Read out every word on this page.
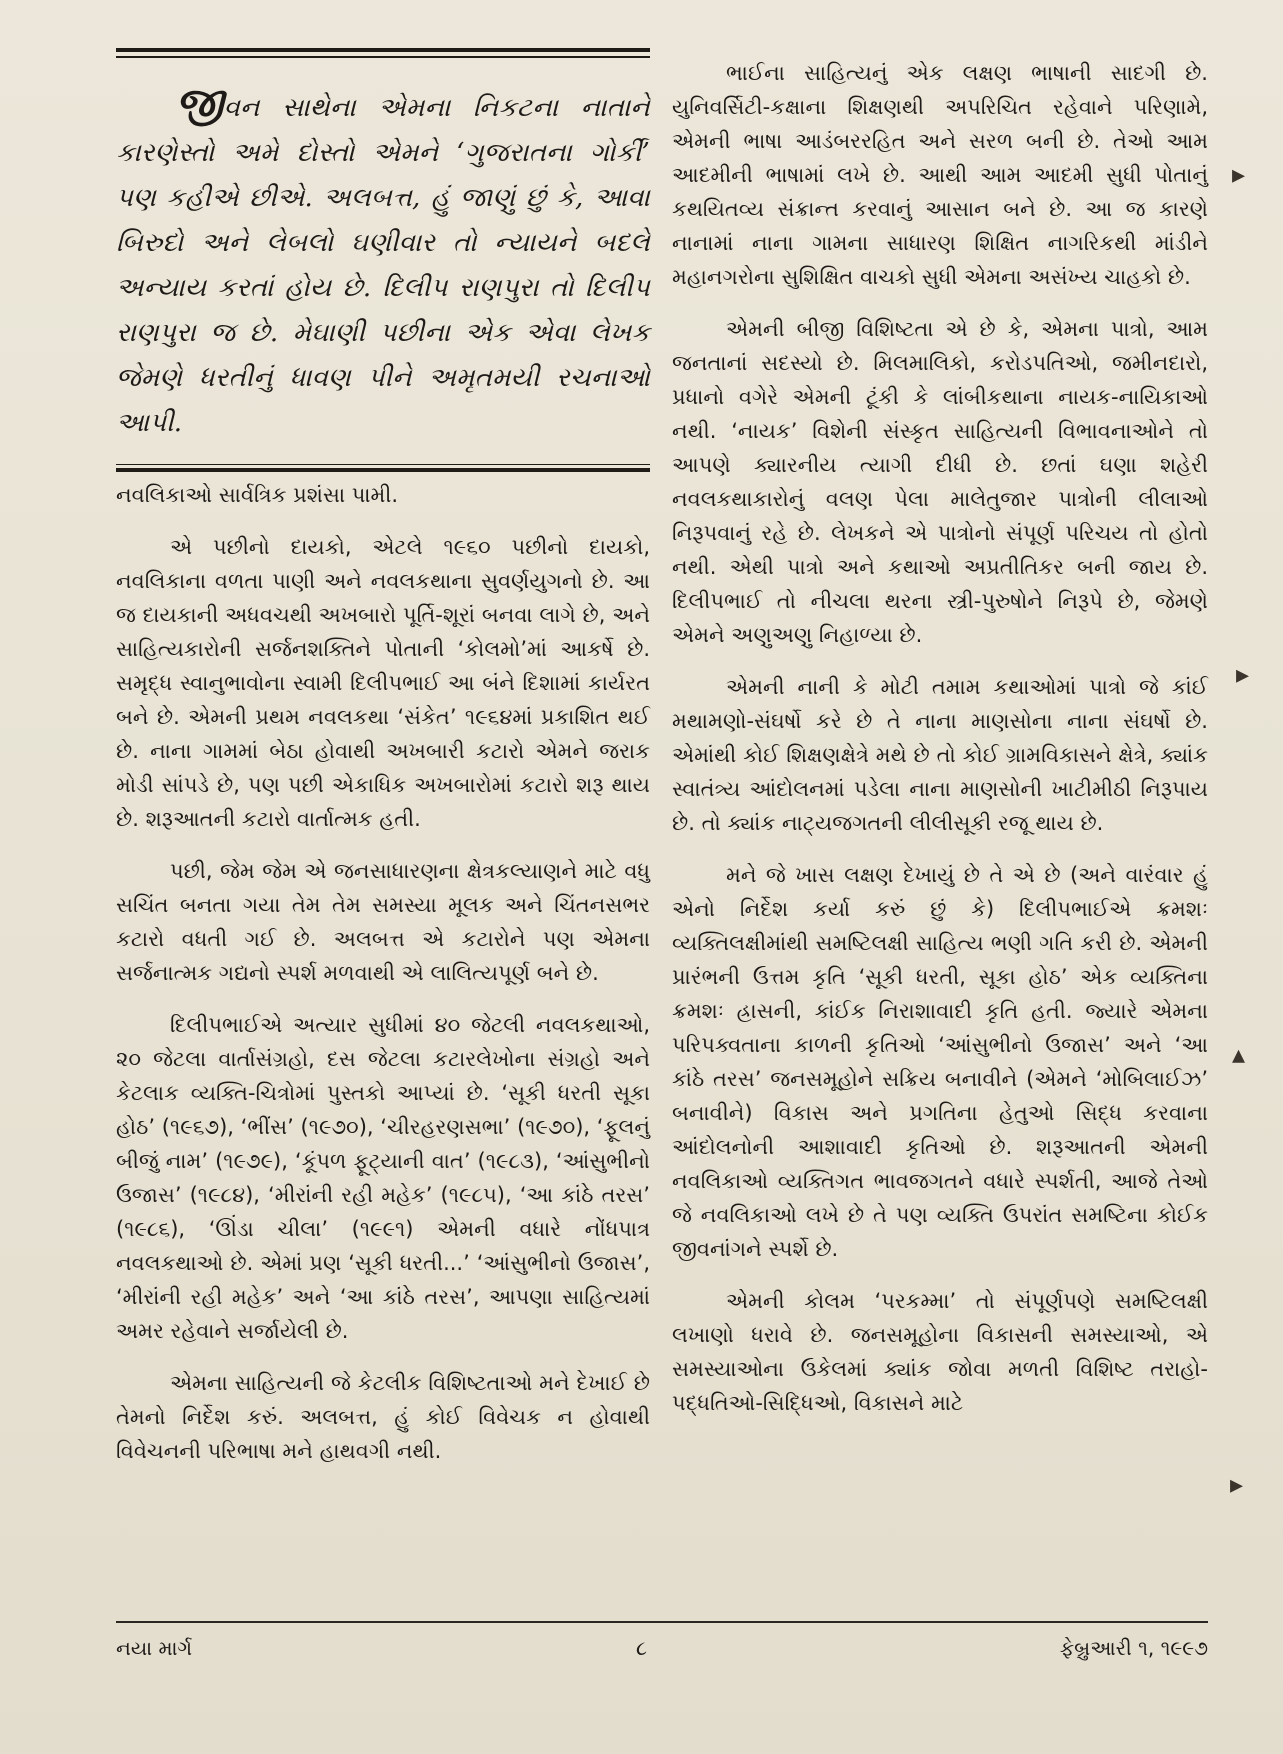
જીવન સાથેના એમના નિકટના નાતાને કારણેસ્તો અમે દોસ્તો એમને ‘ગુજરાતના ગોર્કી’ પણ કહીએ છીએ. અલબત્ત, હું જાણું છું કે, આવા બિરુદો અને લેબલો ઘણીવાર તો ન્યાયને બદલે અન્યાય કરતાં હોય છે. દિલીપ રાણપુરા તો દિલીપ રાણપુરા જ છે. મેઘાણી પછીના એક એવા લેખક જેમણે ધરતીનું ધાવણ પીને અમૃતમયી રચનાઓ આપી.

નવલિકાઓ સાર્વત્રિક પ્રશંસા પામી.

એ પછીનો દાયકો, એટલે ૧૯૬૦ પછીનો દાયકો, નવલિકાના વળતા પાણી અને નવલકથાના સુવર્ણયુગનો છે. આ જ દાયકાની અધવચથી અખબારો પૂર્તિ-શૂરાં બનવા લાગે છે, અને સાહિત્યકારોની સર્જનશક્તિને પોતાની ‘કોલમો’માં આકર્ષે છે. સમૃદ્ધ સ્વાનુભાવોના સ્વામી દિલીપભાઈ આ બંને દિશામાં કાર્યરત બને છે. એમની પ્રથમ નવલકથા ‘સંકેત’ ૧૯૬૪માં પ્રકાશિત થઈ છે. નાના ગામમાં બેઠા હોવાથી અખબારી કટારો એમને જરાક મોડી સાંપડે છે, પણ પછી એકાધિક અખબારોમાં કટારો શરૂ થાય છે. શરૂઆતની કટારો વાર્તાત્મક હતી.

પછી, જેમ જેમ એ જનસાધારણના ક્ષેત્રકલ્યાણને માટે વધુ સચિંત બનતા ગયા તેમ તેમ સમસ્યા મૂલક અને ચિંતનસભર કટારો વધતી ગઈ છે. અલબત્ત એ કટારોને પણ એમના સર્જનાત્મક ગદ્યનો સ્પર્શ મળવાથી એ લાલિત્યપૂર્ણ બને છે.

દિલીપભાઈએ અત્યાર સુધીમાં ૪૦ જેટલી નવલકથાઓ, ૨૦ જેટલા વાર્તાસંગ્રહો, દસ જેટલા કટારલેખોના સંગ્રહો અને કેટલાક વ્યક્તિ-ચિત્રોમાં પુસ્તકો આપ્યાં છે. ‘સૂકી ધરતી સૂકા હોઠ’ (૧૯૬૭), ‘ભીંસ’ (૧૯૭૦), ‘ચીરહરણસભા’ (૧૯૭૦), ‘ફૂલનું બીજું નામ’ (૧૯૭૯), ‘કૂંપળ ફૂટ્યાની વાત’ (૧૯૮૩), ‘આંસુભીનો ઉજાસ’ (૧૯૮૪), ‘મીરાંની રહી મહેક’ (૧૯૮૫), ‘આ કાંઠે તરસ’ (૧૯૮૬), ‘ઊંડા ચીલા’ (૧૯૯૧) એમની વધારે નોંધપાત્ર નવલકથાઓ છે. એમાં પ્રણ ‘સૂકી ધરતી...’ ‘આંસુભીનો ઉજાસ’, ‘મીરાંની રહી મહેક’ અને ‘આ કાંઠે તરસ’, આપણા સાહિત્યમાં અમર રહેવાને સર્જાયેલી છે.

એમના સાહિત્યની જે કેટલીક વિશિષ્ટતાઓ મને દેખાઈ છે તેમનો નિર્દેશ કરું. અલબત્ત, હું કોઈ વિવેચક ન હોવાથી વિવેચનની પરિભાષા મને હાથવગી નથી.

ભાઈના સાહિત્યનું એક લક્ષણ ભાષાની સાદગી છે. યુનિવર્સિટી-કક્ષાના શિક્ષણથી અપરિચિત રહેવાને પરિણામે, એમની ભાષા આડંબરરહિત અને સરળ બની છે. તેઓ આમ આદમીની ભાષામાં લખે છે. આથી આમ આદમી સુધી પોતાનું કથયિતવ્ય સંક્રાન્ત કરવાનું આસાન બને છે. આ જ કારણે નાનામાં નાના ગામના સાધારણ શિક્ષિત નાગરિકથી માંડીને મહાનગરોના સુશિક્ષિત વાચકો સુધી એમના અસંખ્ય ચાહકો છે.

એમની બીજી વિશિષ્ટતા એ છે કે, એમના પાત્રો, આમ જનતાનાં સદસ્યો છે. મિલમાલિકો, કરોડપતિઓ, જમીનદારો, પ્રધાનો વગેરે એમની ટૂંકી કે લાંબીકથાના નાયક-નાયિકાઓ નથી. ‘નાયક’ વિશેની સંસ્કૃત સાહિત્યની વિભાવનાઓને તો આપણે ક્યારનીય ત્યાગી દીધી છે. છતાં ઘણા શહેરી નવલકથાકારોનું વલણ પેલા માલેતુજાર પાત્રોની લીલાઓ નિરૂપવાનું રહે છે. લેખકને એ પાત્રોનો સંપૂર્ણ પરિચય તો હોતો નથી. એથી પાત્રો અને કથાઓ અપ્રતીતિકર બની જાય છે. દિલીપભાઈ તો નીચલા થરના સ્ત્રી-પુરુષોને નિરૂપે છે, જેમણે એમને અણુઅણુ નિહાળ્યા છે.

એમની નાની કે મોટી તમામ કથાઓમાં પાત્રો જે કાંઈ મથામણો-સંઘર્ષો કરે છે તે નાના માણસોના નાના સંઘર્ષો છે. એમાંથી કોઈ શિક્ષણક્ષેત્રે મથે છે તો કોઈ ગ્રામવિકાસને ક્ષેત્રે, ક્યાંક સ્વાતંત્ર્ય આંદોલનમાં પડેલા નાના માણસોની ખાટીમીઠી નિરૂપાય છે. તો ક્યાંક નાટ્યજગતની લીલીસૂકી રજૂ થાય છે.

મને જે ખાસ લક્ષણ દેખાયું છે તે એ છે (અને વારંવાર હું એનો નિર્દેશ કર્યા કરું છું કે) દિલીપભાઈએ ક્રમશઃ વ્યક્તિલક્ષીમાંથી સમષ્ટિલક્ષી સાહિત્ય ભણી ગતિ કરી છે. એમની પ્રારંભની ઉત્તમ કૃતિ ‘સૂકી ધરતી, સૂકા હોઠ’ એક વ્યક્તિના ક્રમશઃ હ્રાસની, કાંઈક નિરાશાવાદી કૃતિ હતી. જ્યારે એમના પરિપક્વતાના કાળની કૃતિઓ ‘આંસુભીનો ઉજાસ’ અને ‘આ કાંઠે તરસ’ જનસમૂહોને સક્રિય બનાવીને (એમને ‘મોબિલાઈઝ’ બનાવીને) વિકાસ અને પ્રગતિના હેતુઓ સિદ્ધ કરવાના આંદોલનોની આશાવાદી કૃતિઓ છે. શરૂઆતની એમની નવલિકાઓ વ્યક્તિગત ભાવજગતને વધારે સ્પર્શતી, આજે તેઓ જે નવલિકાઓ લખે છે તે પણ વ્યક્તિ ઉપરાંત સમષ્ટિના કોઈક જીવનાંગને સ્પર્શે છે.

એમની કોલમ ‘પરકમ્મા’ તો સંપૂર્ણપણે સમષ્ટિલક્ષી લખાણો ધરાવે છે. જનસમૂહોના વિકાસની સમસ્યાઓ, એ સમસ્યાઓના ઉકેલમાં ક્યાંક જોવા મળતી વિશિષ્ટ તરાહો-પદ્ધતિઓ-સિદ્ધિઓ, વિકાસને માટે

▸
▸
▴
▸
નયા માર્ગ	૮	ફેબ્રુઆરી ૧, ૧૯૯૭
